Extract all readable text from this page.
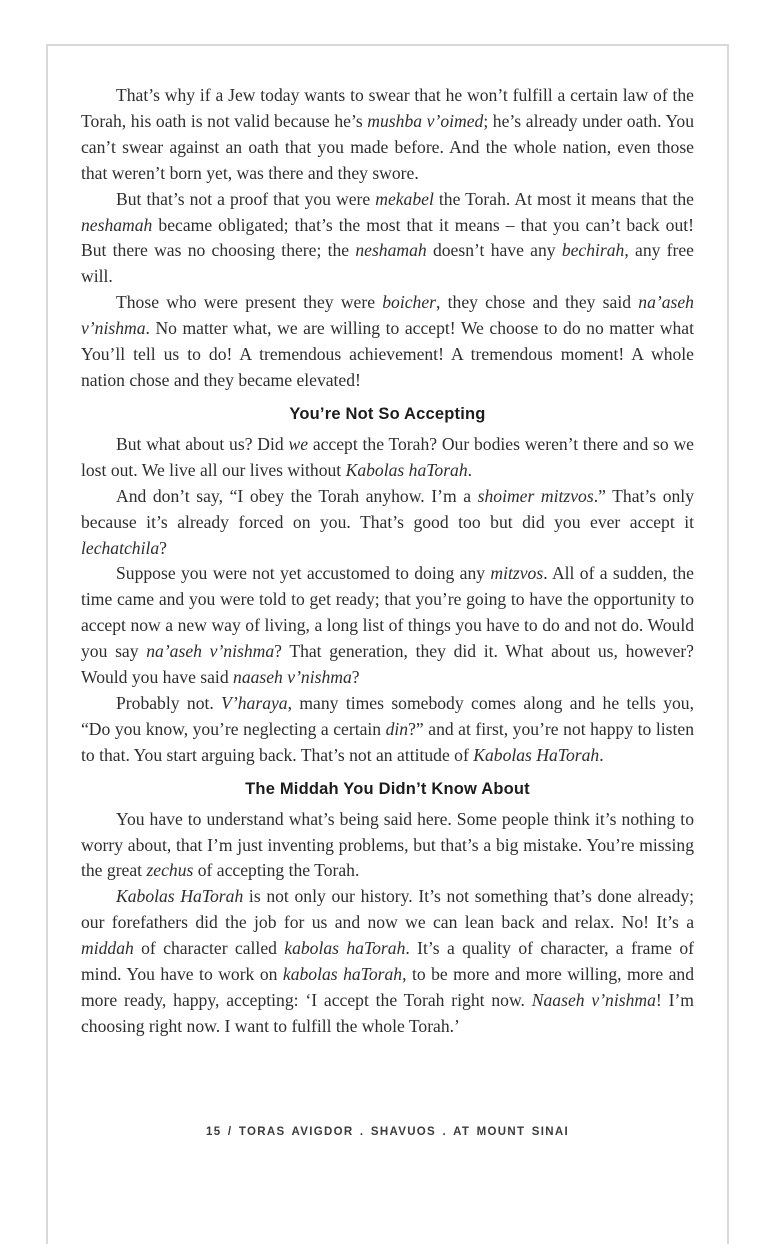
That’s why if a Jew today wants to swear that he won’t fulfill a certain law of the Torah, his oath is not valid because he’s mushba v’oimed; he’s already under oath. You can’t swear against an oath that you made before. And the whole nation, even those that weren’t born yet, was there and they swore.

But that’s not a proof that you were mekabel the Torah. At most it means that the neshamah became obligated; that’s the most that it means – that you can’t back out! But there was no choosing there; the neshamah doesn’t have any bechirah, any free will.

Those who were present they were boicher, they chose and they said na’aseh v’nishma. No matter what, we are willing to accept! We choose to do no matter what You’ll tell us to do! A tremendous achievement! A tremendous moment! A whole nation chose and they became elevated!

You’re Not So Accepting

But what about us? Did we accept the Torah? Our bodies weren’t there and so we lost out. We live all our lives without Kabolas haTorah.

And don’t say, “I obey the Torah anyhow. I’m a shoimer mitzvos.” That’s only because it’s already forced on you. That’s good too but did you ever accept it lechatchila?

Suppose you were not yet accustomed to doing any mitzvos. All of a sudden, the time came and you were told to get ready; that you’re going to have the opportunity to accept now a new way of living, a long list of things you have to do and not do. Would you say na’aseh v’nishma? That generation, they did it. What about us, however? Would you have said naaseh v’nishma?

Probably not. V’haraya, many times somebody comes along and he tells you, “Do you know, you’re neglecting a certain din?” and at first, you’re not happy to listen to that. You start arguing back. That’s not an attitude of Kabolas HaTorah.

The Middah You Didn’t Know About

You have to understand what’s being said here. Some people think it’s nothing to worry about, that I’m just inventing problems, but that’s a big mistake. You’re missing the great zechus of accepting the Torah.

Kabolas HaTorah is not only our history. It’s not something that’s done already; our forefathers did the job for us and now we can lean back and relax. No! It’s a middah of character called kabolas haTorah. It’s a quality of character, a frame of mind. You have to work on kabolas haTorah, to be more and more willing, more and more ready, happy, accepting: ‘I accept the Torah right now. Naaseh v’nishma! I’m choosing right now. I want to fulfill the whole Torah.’

15 / TORAS AVIGDOR . SHAVUOS . AT MOUNT SINAI
